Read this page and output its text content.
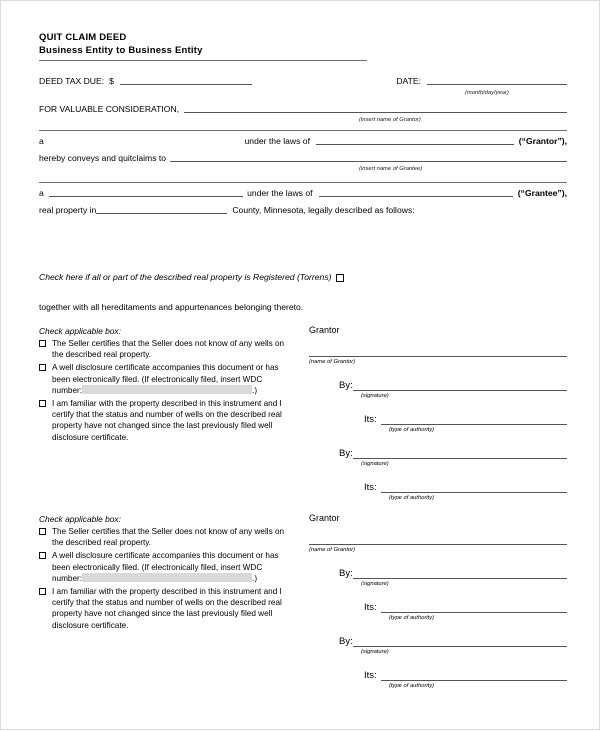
QUIT CLAIM DEED
Business Entity to Business Entity
DEED TAX DUE: $	DATE:
(month/day/year)
FOR VALUABLE CONSIDERATION,
(insert name of Grantor)
a	under the laws of	(“Grantor”),
hereby conveys and quitclaims to
(insert name of Grantee)
a	under the laws of	(“Grantee”),
real property in	County, Minnesota, legally described as follows:
Check here if all or part of the described real property is Registered (Torrens)
together with all hereditaments and appurtenances belonging thereto.
Check applicable box:
The Seller certifies that the Seller does not know of any wells on the described real property.
A well disclosure certificate accompanies this document or has been electronically filed. (If electronically filed, insert WDC number:	.)
I am familiar with the property described in this instrument and I certify that the status and number of wells on the described real property have not changed since the last previously filed well disclosure certificate.
Grantor
(name of Grantor)
By:
(signature)
Its:
(type of authority)
By:
(signature)
Its:
(type of authority)
Check applicable box:
The Seller certifies that the Seller does not know of any wells on the described real property.
A well disclosure certificate accompanies this document or has been electronically filed. (If electronically filed, insert WDC number:	.)
I am familiar with the property described in this instrument and I certify that the status and number of wells on the described real property have not changed since the last previously filed well disclosure certificate.
Grantor
(name of Grantor)
By:
(signature)
Its:
(type of authority)
By:
(signature)
Its:
(type of authority)
